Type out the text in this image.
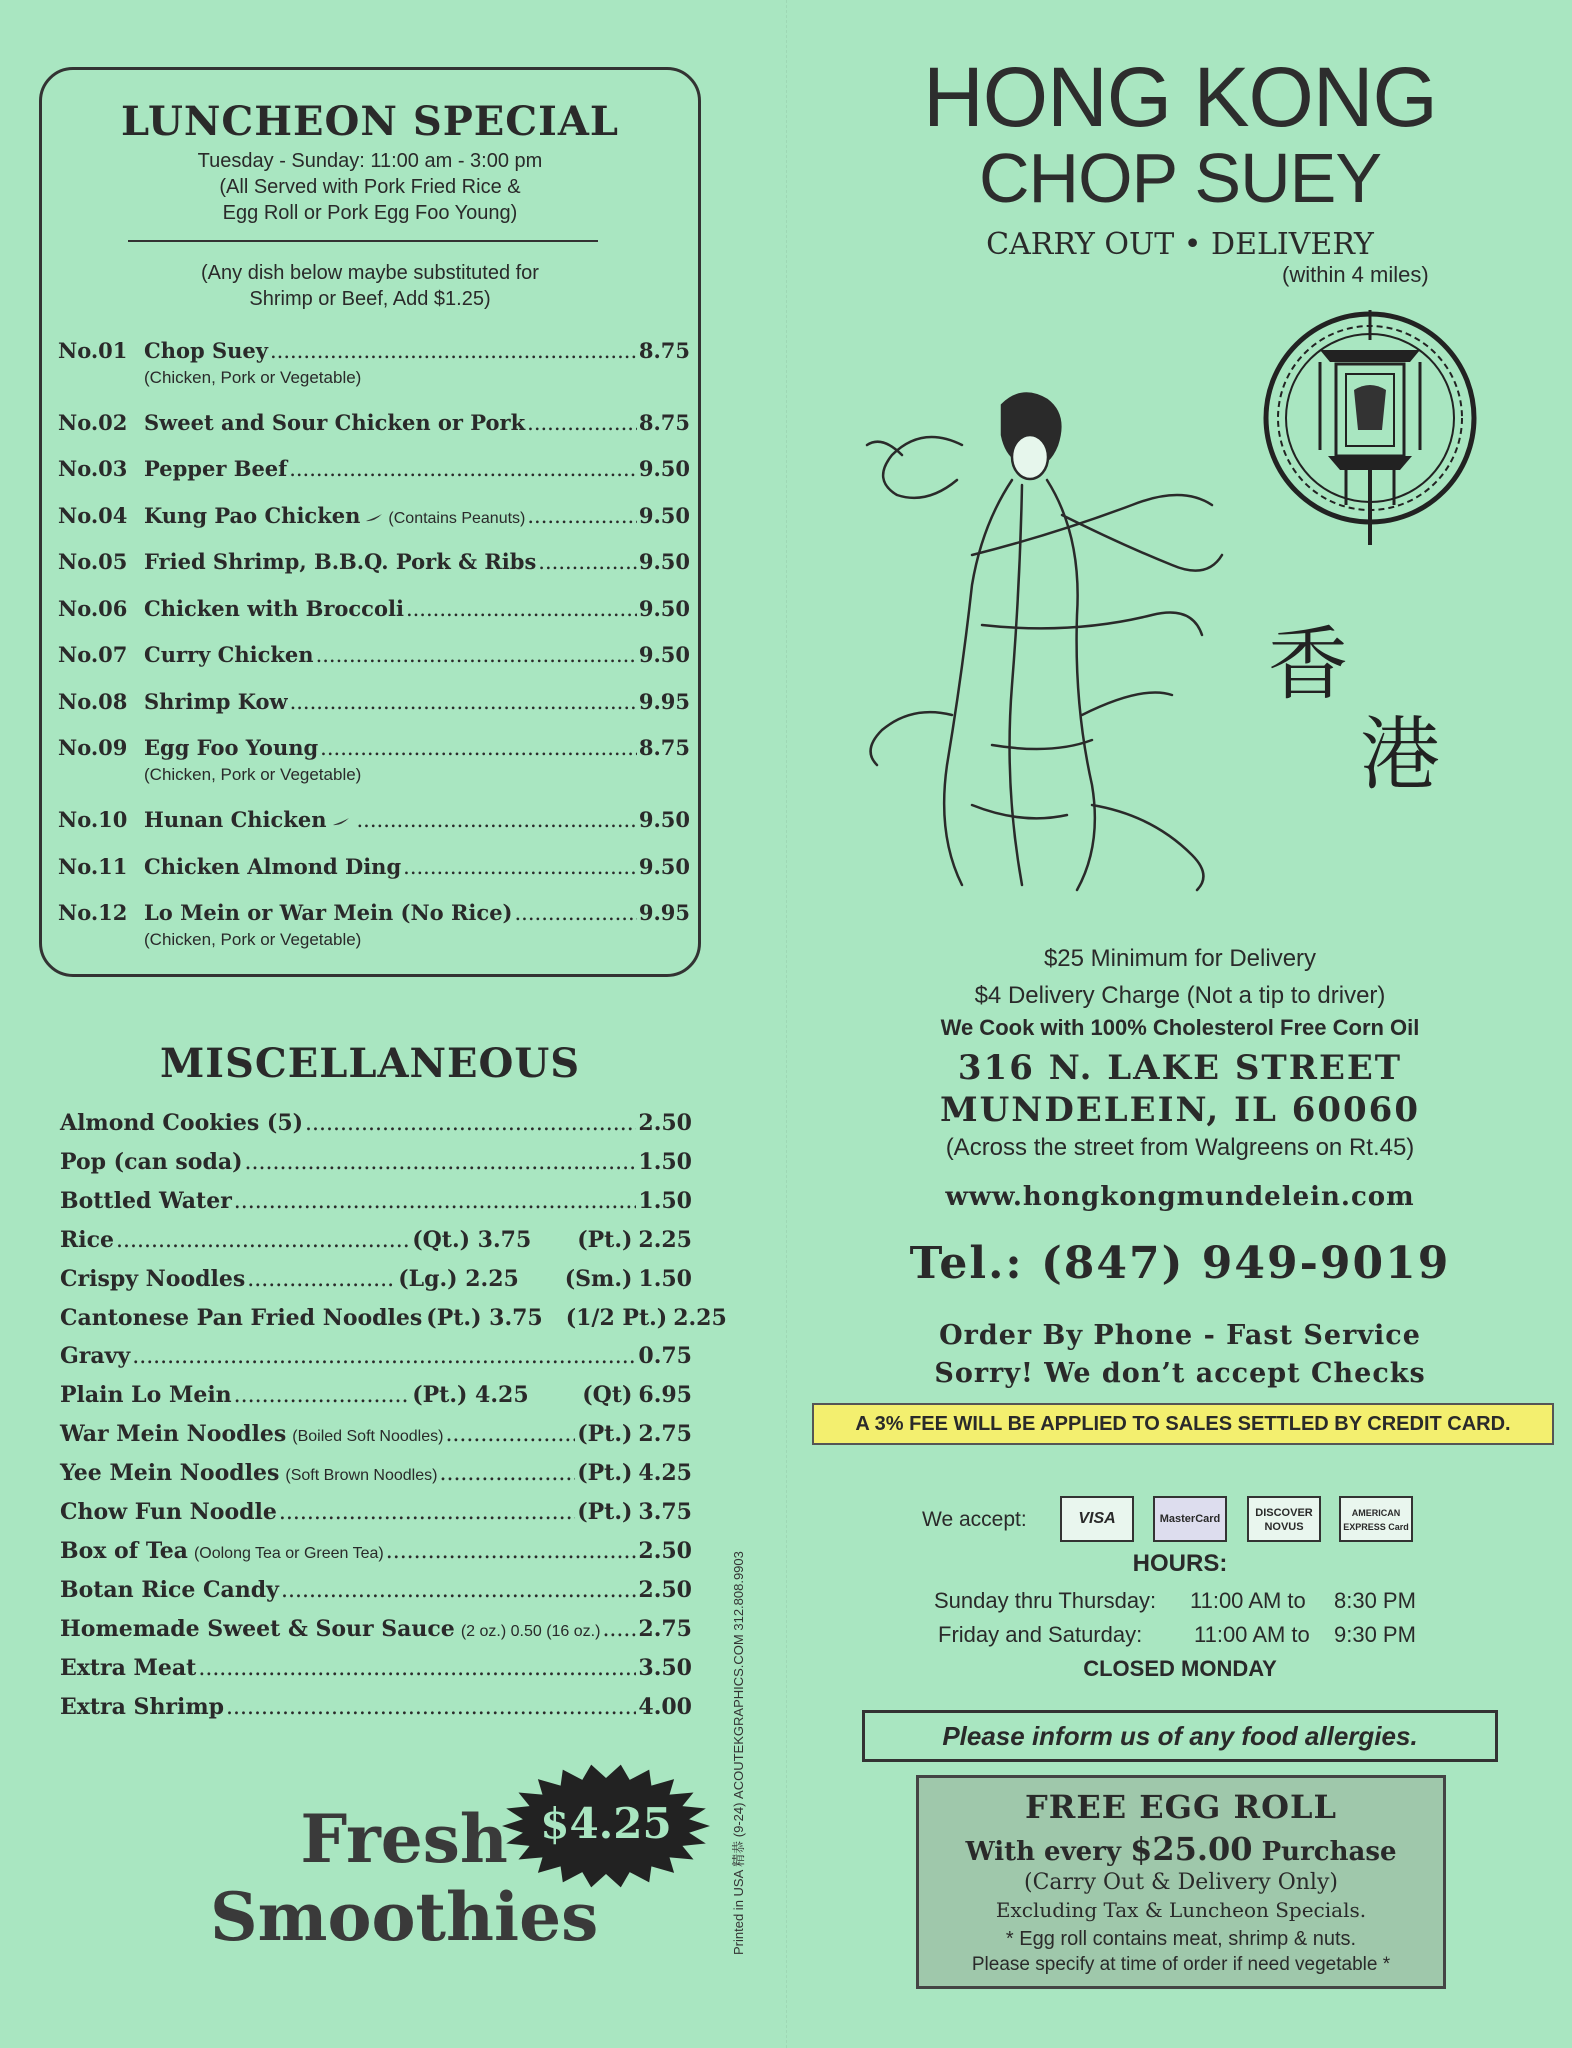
LUNCHEON SPECIAL
Tuesday - Sunday: 11:00 am - 3:00 pm
(All Served with Pork Fried Rice &
Egg Roll or Pork Egg Foo Young)
(Any dish below maybe substituted for
Shrimp or Beef, Add $1.25)
No.01 Chop Suey .....	8.75
(Chicken, Pork or Vegetable)
No.02 Sweet and Sour Chicken or Pork .....	8.75
No.03 Pepper Beef .....	9.50
No.04 Kung Pao Chicken (Contains Peanuts) .....	9.50
No.05 Fried Shrimp, B.B.Q. Pork & Ribs .....	9.50
No.06 Chicken with Broccoli .....	9.50
No.07 Curry Chicken .....	9.50
No.08 Shrimp Kow .....	9.95
No.09 Egg Foo Young .....	8.75
(Chicken, Pork or Vegetable)
No.10 Hunan Chicken .....	9.50
No.11 Chicken Almond Ding .....	9.50
No.12 Lo Mein or War Mein (No Rice) .....	9.95
(Chicken, Pork or Vegetable)
MISCELLANEOUS
Almond Cookies (5) .....	2.50
Pop (can soda) .....	1.50
Bottled Water .....	1.50
Rice .....	(Qt.) 3.75      (Pt.) 2.25
Crispy Noodles .....	(Lg.) 2.25      (Sm.) 1.50
Cantonese Pan Fried Noodles (Pt.) 3.75   (1/2 Pt.) 2.25
Gravy .....	0.75
Plain Lo Mein .....	(Pt.) 4.25       (Qt) 6.95
War Mein Noodles (Boiled Soft Noodles) .....	(Pt.) 2.75
Yee Mein Noodles (Soft Brown Noodles) .....	(Pt.) 4.25
Chow Fun Noodle .....	(Pt.) 3.75
Box of Tea (Oolong Tea or Green Tea) .....	2.50
Botan Rice Candy .....	2.50
Homemade Sweet & Sour Sauce (2 oz.) 0.50 (16 oz.) ..... 2.75
Extra Meat .....	3.50
Extra Shrimp .....	4.00
Fresh
Smoothies
$4.25	Printed in USA 精恭 (9-24) ACOUTEKGRAPHICS.COM 312.808.9903
HONG KONG
CHOP SUEY
CARRY OUT • DELIVERY
(within 4 miles)
香
港
$25 Minimum for Delivery
$4 Delivery Charge (Not a tip to driver)
We Cook with 100% Cholesterol Free Corn Oil
316 N. LAKE STREET
MUNDELEIN, IL 60060
(Across the street from Walgreens on Rt.45)
www.hongkongmundelein.com
Tel.: (847) 949-9019
Order By Phone - Fast Service
Sorry! We don’t accept Checks
A 3% FEE WILL BE APPLIED TO SALES SETTLED BY CREDIT CARD.
We accept:	VISA	MasterCard	DISCOVER NOVUS
AMERICAN EXPRESS Card
HOURS:
Sunday thru Thursday: 11:00 AM to 8:30 PM
Friday and Saturday: 11:00 AM to 9:30 PM
CLOSED MONDAY
Please inform us of any food allergies.
FREE EGG ROLL
With every $25.00 Purchase
(Carry Out & Delivery Only)
Excluding Tax & Luncheon Specials.
* Egg roll contains meat, shrimp & nuts.
Please specify at time of order if need vegetable *
